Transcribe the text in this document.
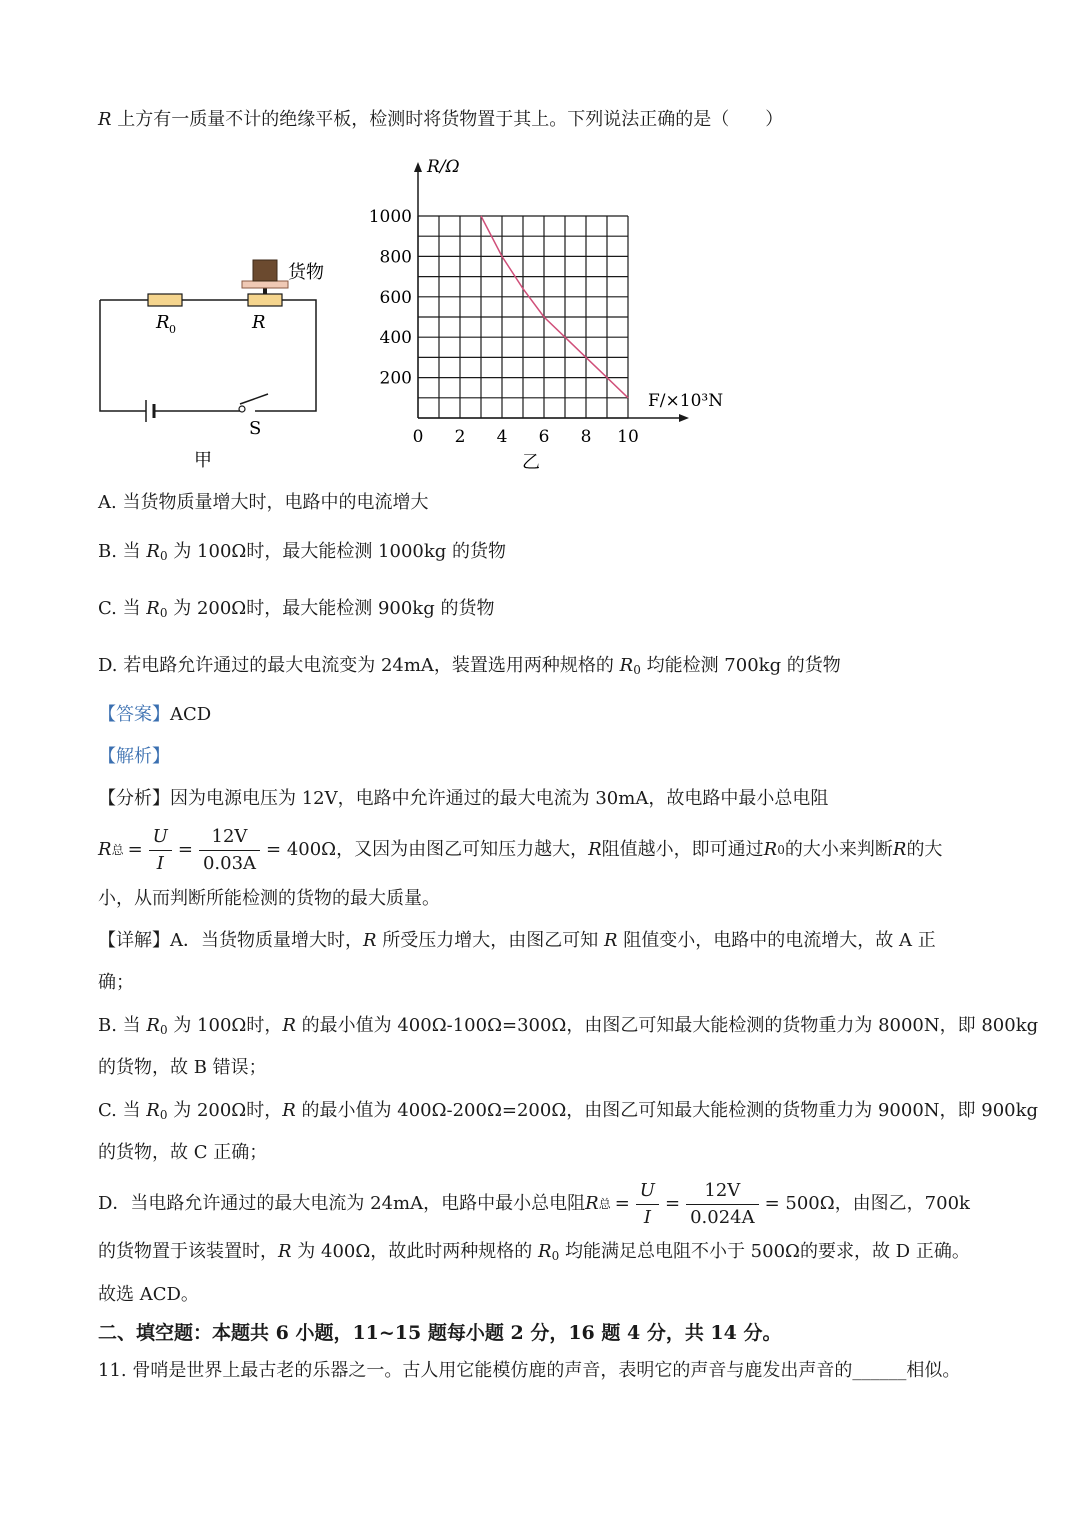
R 上方有一质量不计的绝缘平板，检测时将货物置于其上。下列说法正确的是（　　）
货物
R 0	R
S
甲
0 2 4 6 8 10
200
400
600
800
1000
R/Ω
F/×10³N
乙
A. 当货物质量增大时，电路中的电流增大
B. 当 $R_0$ 为 100Ω时，最大能检测 1000kg 的货物
C. 当 $R_0$ 为 200Ω时，最大能检测 900kg 的货物
D. 若电路允许通过的最大电流变为 24mA，装置选用两种规格的 $R_0$ 均能检测 700kg 的货物
【答案】ACD
【解析】
【分析】因为电源电压为 12V，电路中允许通过的最大电流为 30mA，故电路中最小总电阻
R 总 = $\frac{U}{I} = \frac{12V}{0.03A} = 400\Omega$ ，又因为由图乙可知压力越大， R 阻值越小，即可通过 R 0 的大小来判断 R 的大
小，从而判断所能检测的货物的最大质量。
【详解】A．当货物质量增大时，R 所受压力增大，由图乙可知 R 阻值变小，电路中的电流增大，故 A 正
确；
B. 当 $R_0$ 为 100Ω时，R 的最小值为 400Ω-100Ω=300Ω，由图乙可知最大能检测的货物重力为 8000N，即 800kg
的货物，故 B 错误；
C. 当 $R_0$ 为 200Ω时，R 的最小值为 400Ω-200Ω=200Ω，由图乙可知最大能检测的货物重力为 9000N，即 900kg
的货物，故 C 正确；
D．当电路允许通过的最大电流为 24mA，电路中最小总电阻 R 总 = $\frac{U}{I} = \frac{12V}{0.024A} = 500\Omega$ ，由图乙，700k
的货物置于该装置时，R 为 400Ω，故此时两种规格的 $R_0$ 均能满足总电阻不小于 500Ω的要求，故 D 正确。
故选 ACD。
二、填空题：本题共 6 小题，11~15 题每小题 2 分，16 题 4 分，共 14 分。
11. 骨哨是世界上最古老的乐器之一。古人用它能模仿鹿的声音，表明它的声音与鹿发出声音的______相似。
